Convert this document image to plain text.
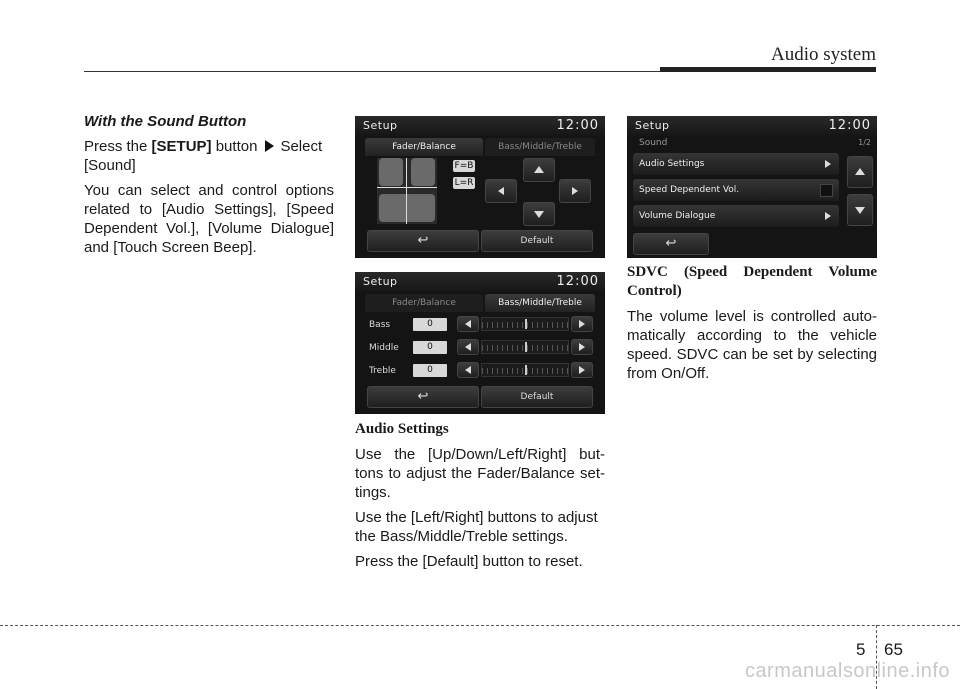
Audio system

With the Sound Button

Press the [SETUP] button Select
[Sound]

You can select and control options related to [Audio Settings], [Speed Dependent Vol.], [Volume Dialogue] and [Touch Screen Beep].

Setup	12:00
Fader/Balance	Bass/Middle/Treble
F=B
L=R
↩	Default
Setup	12:00
Fader/Balance	Bass/Middle/Treble
Bass	0
Middle	0
Treble	0
↩	Default
Setup	12:00
Sound	1/2
Audio Settings
Speed Dependent Vol.
Volume Dialogue
↩

Audio Settings

Use the [Up/Down/Left/Right] but- tons to adjust the Fader/Balance set- tings.

Use the [Left/Right] buttons to adjust the Bass/Middle/Treble settings.

Press the [Default] button to reset.

SDVC (Speed Dependent Volume Control)

The volume level is controlled auto- matically according to the vehicle speed. SDVC can be set by selecting from On/Off.

5 65
carmanualsonline.info
